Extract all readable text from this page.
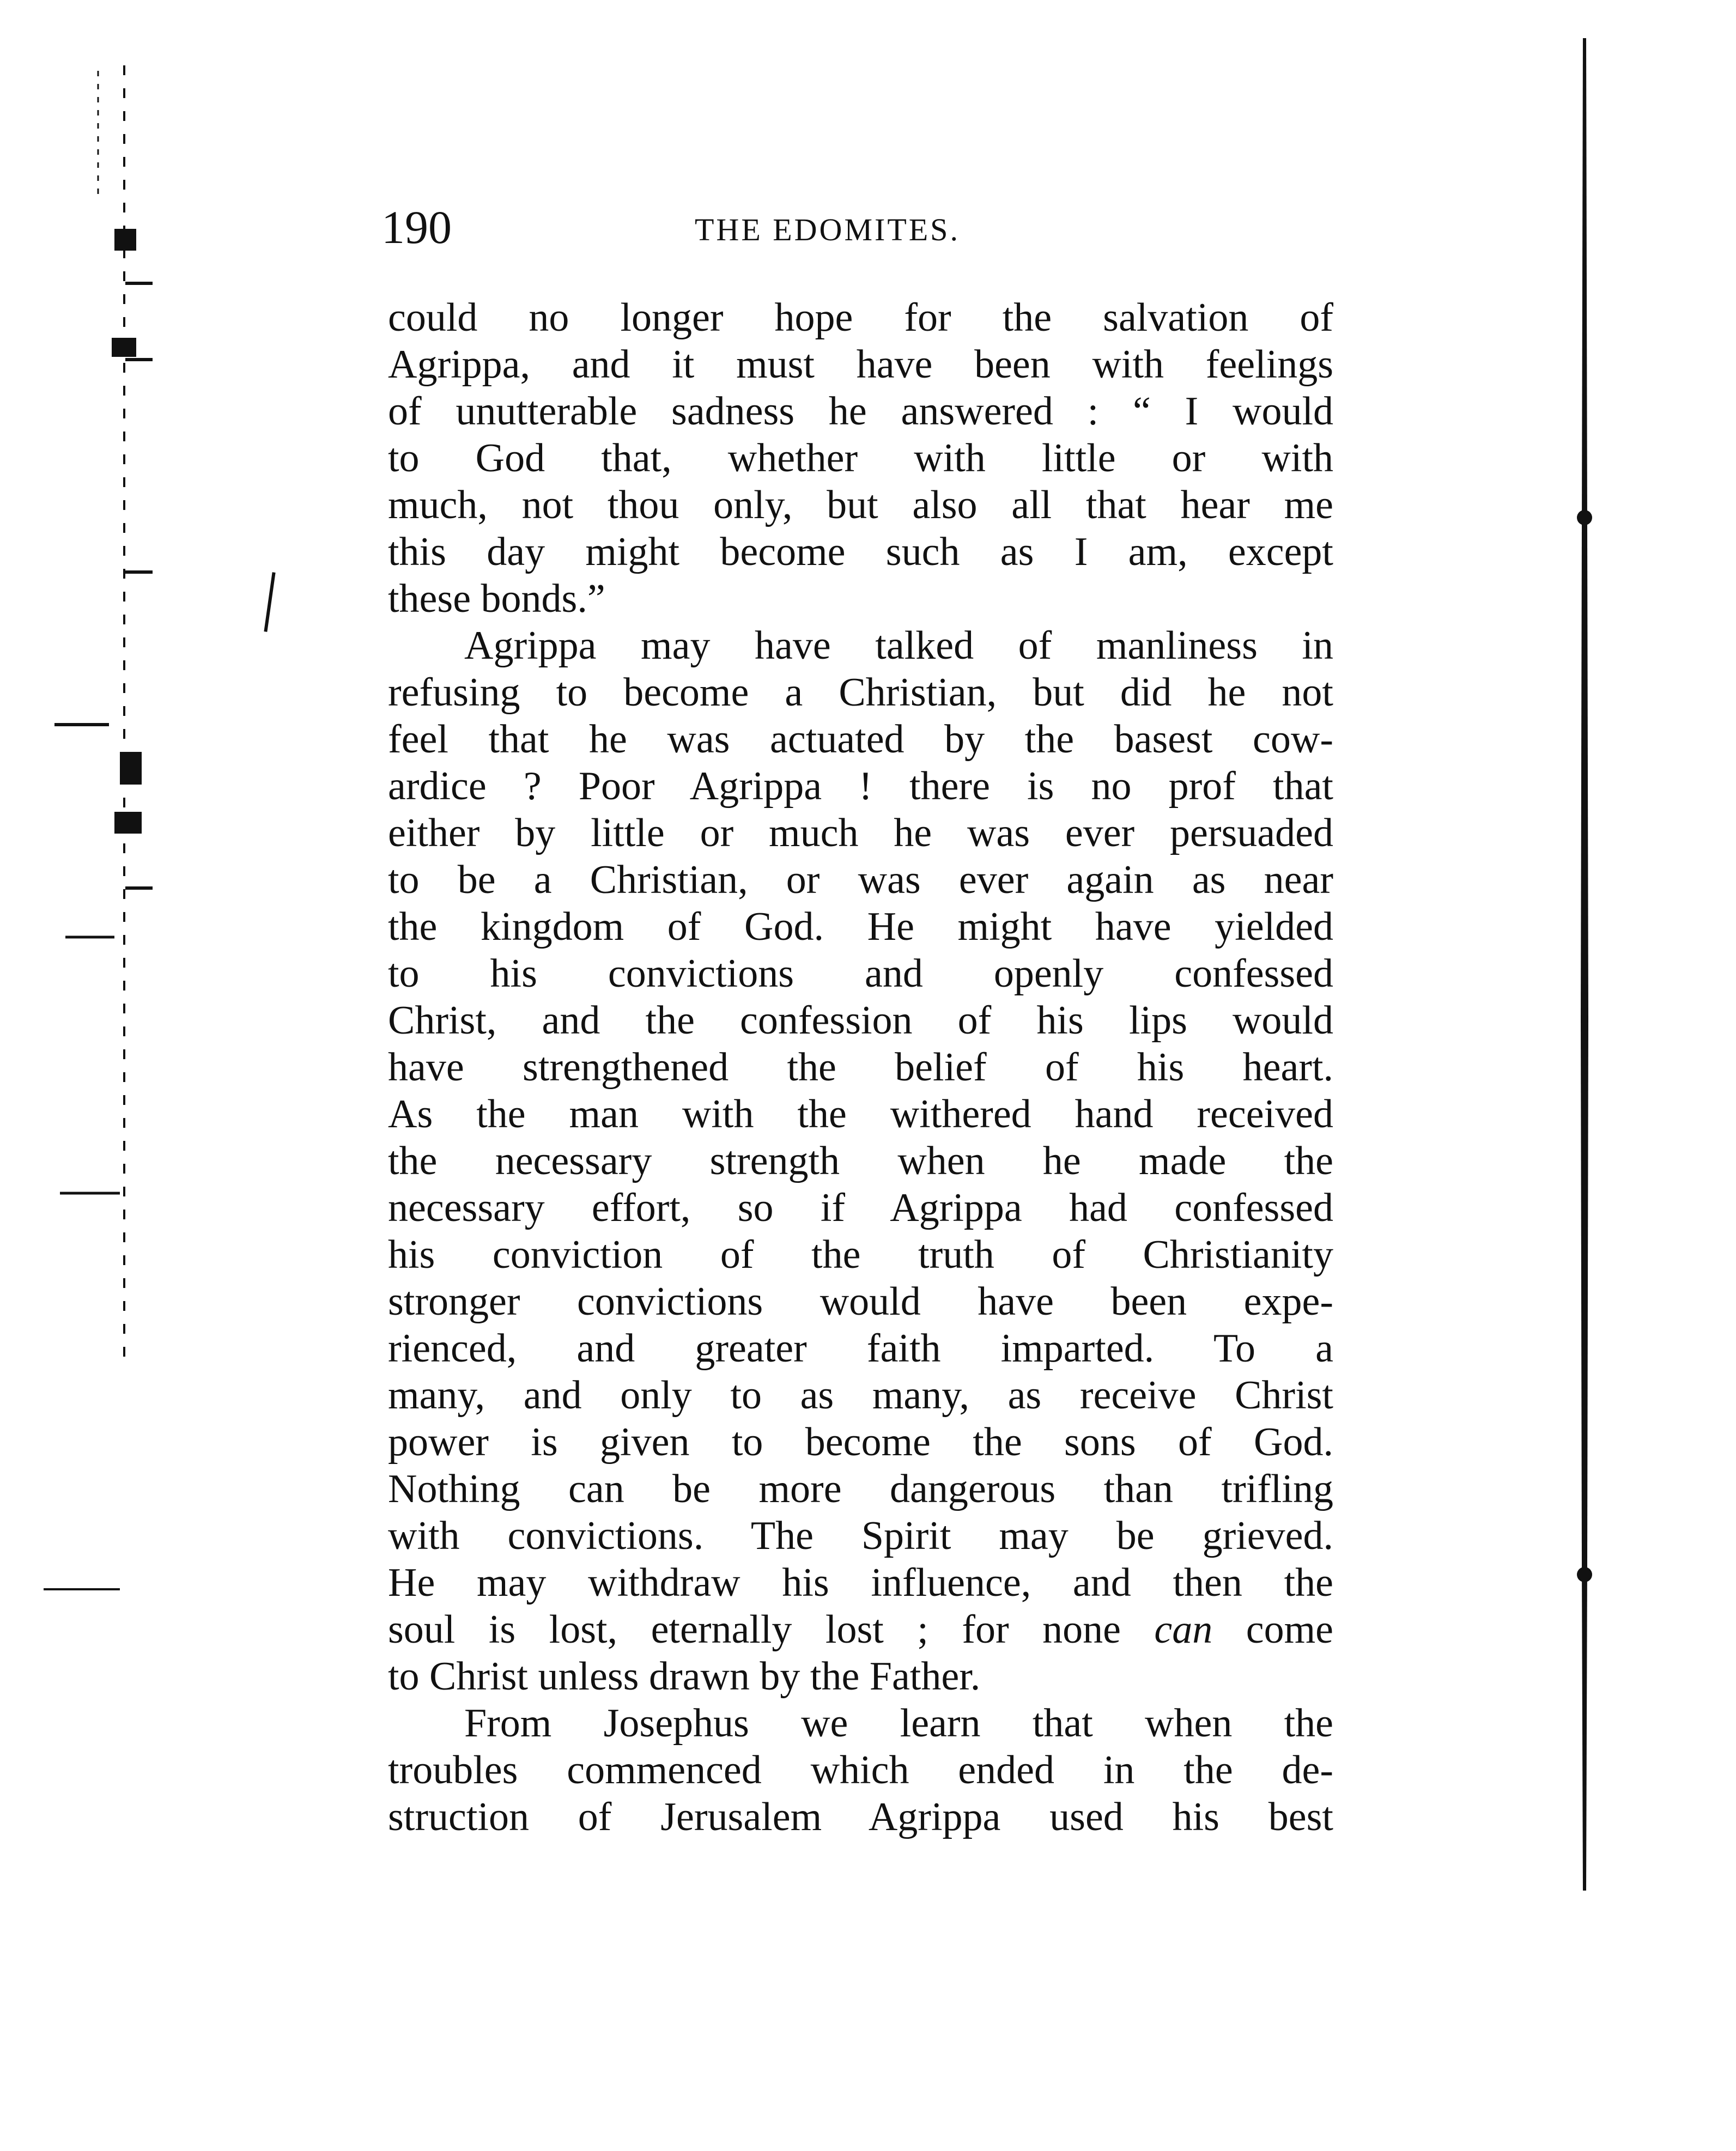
190	THE EDOMITES.
could no longer hope for the salvation of
Agrippa, and it must have been with feelings
of unutterable sadness he answered : “ I would
to God that, whether with little or with
much, not thou only, but also all that hear me
this day might become such as I am, except
these bonds.”
Agrippa may have talked of manliness in
refusing to become a Christian, but did he not
feel that he was actuated by the basest cow-
ardice ? Poor Agrippa ! there is no prof that
either by little or much he was ever persuaded
to be a Christian, or was ever again as near
the kingdom of God. He might have yielded
to his convictions and openly confessed
Christ, and the confession of his lips would
have strengthened the belief of his heart.
As the man with the withered hand received
the necessary strength when he made the
necessary effort, so if Agrippa had confessed
his conviction of the truth of Christianity
stronger convictions would have been expe-
rienced, and greater faith imparted. To a
many, and only to as many, as receive Christ
power is given to become the sons of God.
Nothing can be more dangerous than trifling
with convictions. The Spirit may be grieved.
He may withdraw his influence, and then the
soul is lost, eternally lost ; for none can come
to Christ unless drawn by the Father.
From Josephus we learn that when the
troubles commenced which ended in the de-
struction of Jerusalem Agrippa used his best
